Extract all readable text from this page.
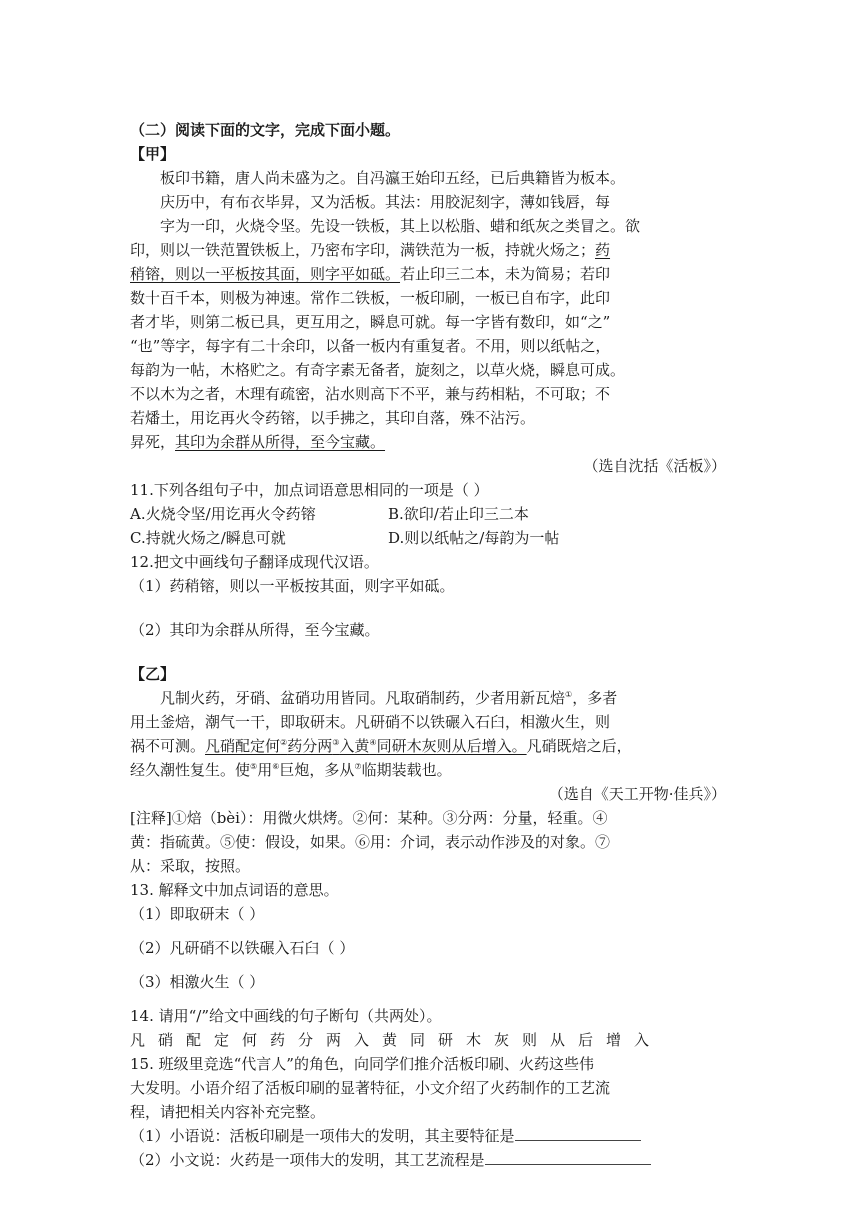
（二）阅读下面的文字，完成下面小题。
【甲】
板印书籍，唐人尚未盛为之。自冯瀛王始印五经，已后典籍皆为板本。
庆历中，有布衣毕昇，又为活板。其法：用胶泥刻字，薄如钱唇，每
字为一印，火烧令坚。先设一铁板，其上以松脂、蜡和纸灰之类冒之。欲
印，则以一铁范置铁板上，乃密布字印，满铁范为一板，持就火炀之；药
稍镕，则以一平板按其面，则字平如砥。若止印三二本，未为简易；若印
数十百千本，则极为神速。常作二铁板，一板印刷，一板已自布字，此印
者才毕，则第二板已具，更互用之，瞬息可就。每一字皆有数印，如“之”
“也”等字，每字有二十余印，以备一板内有重复者。不用，则以纸帖之，
每韵为一帖，木格贮之。有奇字素无备者，旋刻之，以草火烧，瞬息可成。
不以木为之者，木理有疏密，沾水则高下不平，兼与药相粘，不可取；不
若燔土，用讫再火令药镕，以手拂之，其印自落，殊不沾污。
昇死，其印为余群从所得，至今宝藏。
（选自沈括《活板》）
11.下列各组句子中，加点词语意思相同的一项是（ ）
A.火烧令坚/用讫再火令药镕	B.欲印/若止印三二本
C.持就火炀之/瞬息可就	D.则以纸帖之/每韵为一帖
12.把文中画线句子翻译成现代汉语。
（1）药稍镕，则以一平板按其面，则字平如砥。
（2）其印为余群从所得，至今宝藏。
【乙】
凡制火药，牙硝、盆硝功用皆同。凡取硝制药，少者用新瓦焙①，多者
用土釜焙，潮气一干，即取研末。凡研硝不以铁碾入石臼，相激火生，则
祸不可测。凡硝配定何②药分两③入黄④同研木灰则从后增入。凡硝既焙之后，
经久潮性复生。使⑤用⑥巨炮，多从⑦临期装载也。
（选自《天工开物·佳兵》）
[注释]①焙（bèi）：用微火烘烤。②何：某种。③分两：分量，轻重。④
黄：指硫黄。⑤使：假设，如果。⑥用：介词，表示动作涉及的对象。⑦
从：采取，按照。
13. 解释文中加点词语的意思。
（1）即取研末（ ）
（2）凡研硝不以铁碾入石臼（ ）
（3）相激火生（ ）
14. 请用“/”给文中画线的句子断句（共两处）。
凡硝配定何药分两入黄同研木灰则从后增入
15. 班级里竞选“代言人”的角色，向同学们推介活板印刷、火药这些伟
大发明。小语介绍了活板印刷的显著特征，小文介绍了火药制作的工艺流
程，请把相关内容补充完整。
（1）小语说：活板印刷是一项伟大的发明，其主要特征是
（2）小文说：火药是一项伟大的发明，其工艺流程是
